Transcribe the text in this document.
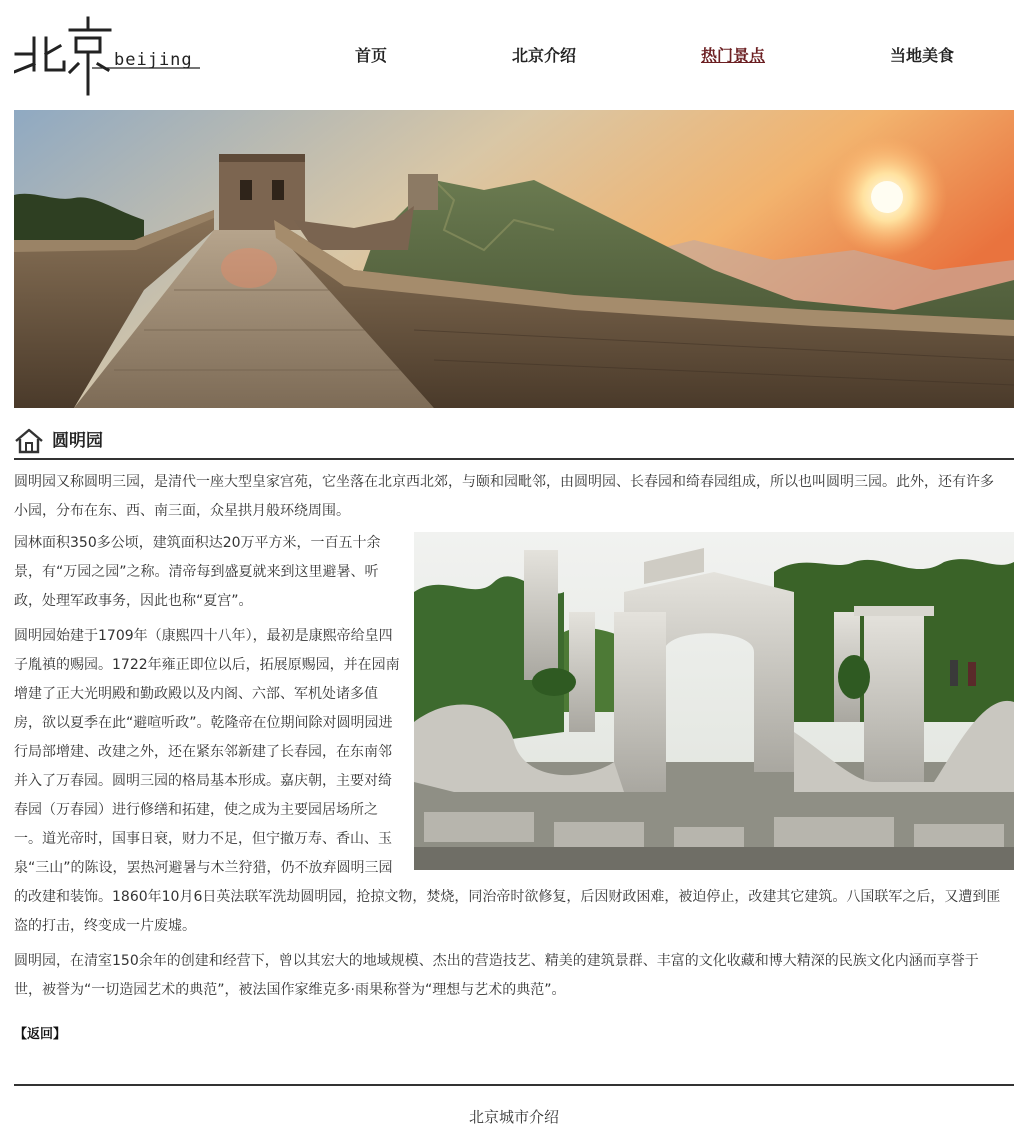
beijing	首页	北京介绍	热门景点	当地美食
圆明园

圆明园又称圆明三园，是清代一座大型皇家宫苑，它坐落在北京西北郊，与颐和园毗邻，由圆明园、长春园和绮春园组成，所以也叫圆明三园。此外，还有许多小园，分布在东、西、南三面，众星拱月般环绕周围。

园林面积350多公顷，建筑面积达20万平方米，一百五十余景，有“万园之园”之称。清帝每到盛夏就来到这里避暑、听政，处理军政事务，因此也称“夏宫”。

圆明园始建于1709年（康熙四十八年），最初是康熙帝给皇四子胤禛的赐园。1722年雍正即位以后，拓展原赐园，并在园南增建了正大光明殿和勤政殿以及内阁、六部、军机处诸多值房，欲以夏季在此“避喧听政”。乾隆帝在位期间除对圆明园进行局部增建、改建之外，还在紧东邻新建了长春园，在东南邻并入了万春园。圆明三园的格局基本形成。嘉庆朝，主要对绮春园（万春园）进行修缮和拓建，使之成为主要园居场所之一。道光帝时，国事日衰，财力不足，但宁撤万寿、香山、玉泉“三山”的陈设，罢热河避暑与木兰狩猎，仍不放弃圆明三园的改建和装饰。1860年10月6日英法联军洗劫圆明园，抢掠文物，焚烧，同治帝时欲修复，后因财政困难，被迫停止，改建其它建筑。八国联军之后，又遭到匪盗的打击，终变成一片废墟。

圆明园，在清室150余年的创建和经营下，曾以其宏大的地域规模、杰出的营造技艺、精美的建筑景群、丰富的文化收藏和博大精深的民族文化内涵而享誉于世，被誉为“一切造园艺术的典范”，被法国作家维克多·雨果称誉为“理想与艺术的典范”。

【返回】
北京城市介绍
